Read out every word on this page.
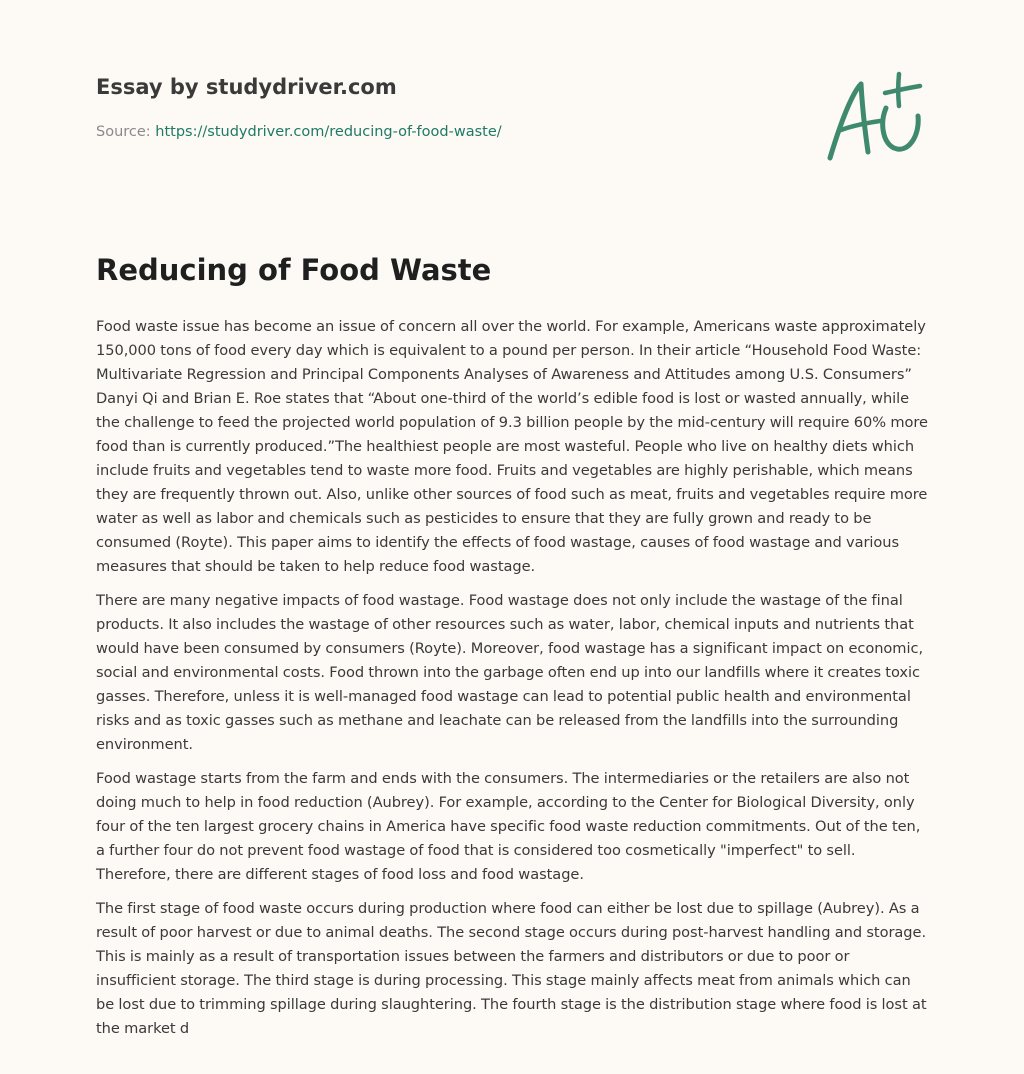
Essay by studydriver.com
Source: https://studydriver.com/reducing-of-food-waste/
Reducing of Food Waste

Food waste issue has become an issue of concern all over the world. For example, Americans waste approximately 150,000 tons of food every day which is equivalent to a pound per person. In their article “Household Food Waste: Multivariate Regression and Principal Components Analyses of Awareness and Attitudes among U.S. Consumers” Danyi Qi and Brian E. Roe states that “About one-third of the world’s edible food is lost or wasted annually, while the challenge to feed the projected world population of 9.3 billion people by the mid-century will require 60% more food than is currently produced.”The healthiest people are most wasteful. People who live on healthy diets which include fruits and vegetables tend to waste more food. Fruits and vegetables are highly perishable, which means they are frequently thrown out. Also, unlike other sources of food such as meat, fruits and vegetables require more water as well as labor and chemicals such as pesticides to ensure that they are fully grown and ready to be consumed (Royte). This paper aims to identify the effects of food wastage, causes of food wastage and various measures that should be taken to help reduce food wastage.

There are many negative impacts of food wastage. Food wastage does not only include the wastage of the final products. It also includes the wastage of other resources such as water, labor, chemical inputs and nutrients that would have been consumed by consumers (Royte). Moreover, food wastage has a significant impact on economic, social and environmental costs. Food thrown into the garbage often end up into our landfills where it creates toxic gasses. Therefore, unless it is well-managed food wastage can lead to potential public health and environmental risks and as toxic gasses such as methane and leachate can be released from the landfills into the surrounding environment.

Food wastage starts from the farm and ends with the consumers. The intermediaries or the retailers are also not doing much to help in food reduction (Aubrey). For example, according to the Center for Biological Diversity, only four of the ten largest grocery chains in America have specific food waste reduction commitments. Out of the ten, a further four do not prevent food wastage of food that is considered too cosmetically "imperfect" to sell. Therefore, there are different stages of food loss and food wastage.

The first stage of food waste occurs during production where food can either be lost due to spillage (Aubrey). As a result of poor harvest or due to animal deaths. The second stage occurs during post-harvest handling and storage. This is mainly as a result of transportation issues between the farmers and distributors or due to poor or insufficient storage. The third stage is during processing. This stage mainly affects meat from animals which can be lost due to trimming spillage during slaughtering. The fourth stage is the distribution stage where food is lost at the market d
